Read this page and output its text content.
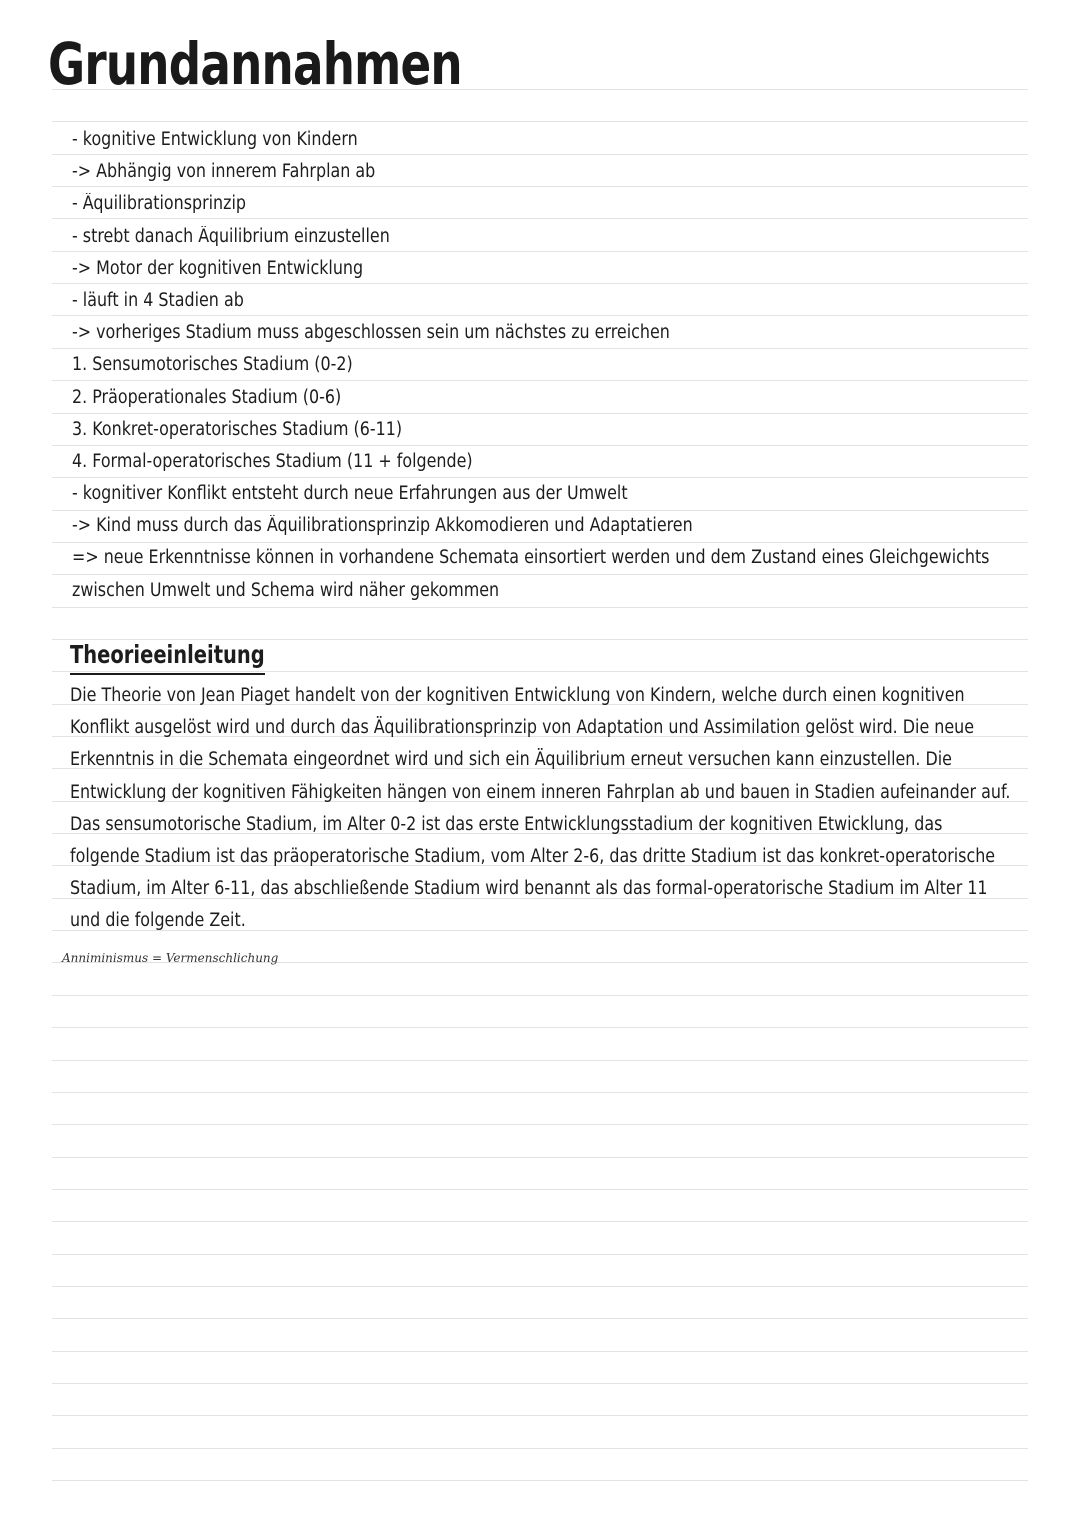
Grundannahmen
- kognitive Entwicklung von Kindern
-> Abhängig von innerem Fahrplan ab
- Äquilibrationsprinzip
- strebt danach Äquilibrium einzustellen
-> Motor der kognitiven Entwicklung
- läuft in 4 Stadien ab
-> vorheriges Stadium muss abgeschlossen sein um nächstes zu erreichen
1. Sensumotorisches Stadium (0-2)
2. Präoperationales Stadium (0-6)
3. Konkret-operatorisches Stadium (6-11)
4. Formal-operatorisches Stadium (11 + folgende)
- kognitiver Konflikt entsteht durch neue Erfahrungen aus der Umwelt
-> Kind muss durch das Äquilibrationsprinzip Akkomodieren und Adaptatieren
=> neue Erkenntnisse können in vorhandene Schemata einsortiert werden und dem Zustand eines Gleichgewichts zwischen Umwelt und Schema wird näher gekommen
Theorieeinleitung

Die Theorie von Jean Piaget handelt von der kognitiven Entwicklung von Kindern, welche durch einen kognitiven Konflikt ausgelöst wird und durch das Äquilibrationsprinzip von Adaptation und Assimilation gelöst wird. Die neue Erkenntnis in die Schemata eingeordnet wird und sich ein Äquilibrium erneut versuchen kann einzustellen. Die Entwicklung der kognitiven Fähigkeiten hängen von einem inneren Fahrplan ab und bauen in Stadien aufeinander auf. Das sensumotorische Stadium, im Alter 0-2 ist das erste Entwicklungsstadium der kognitiven Etwicklung, das folgende Stadium ist das präoperatorische Stadium, vom Alter 2-6, das dritte Stadium ist das konkret-operatorische Stadium, im Alter 6-11, das abschließende Stadium wird benannt als das formal-operatorische Stadium im Alter 11 und die folgende Zeit.

Anniminismus = Vermenschlichung
